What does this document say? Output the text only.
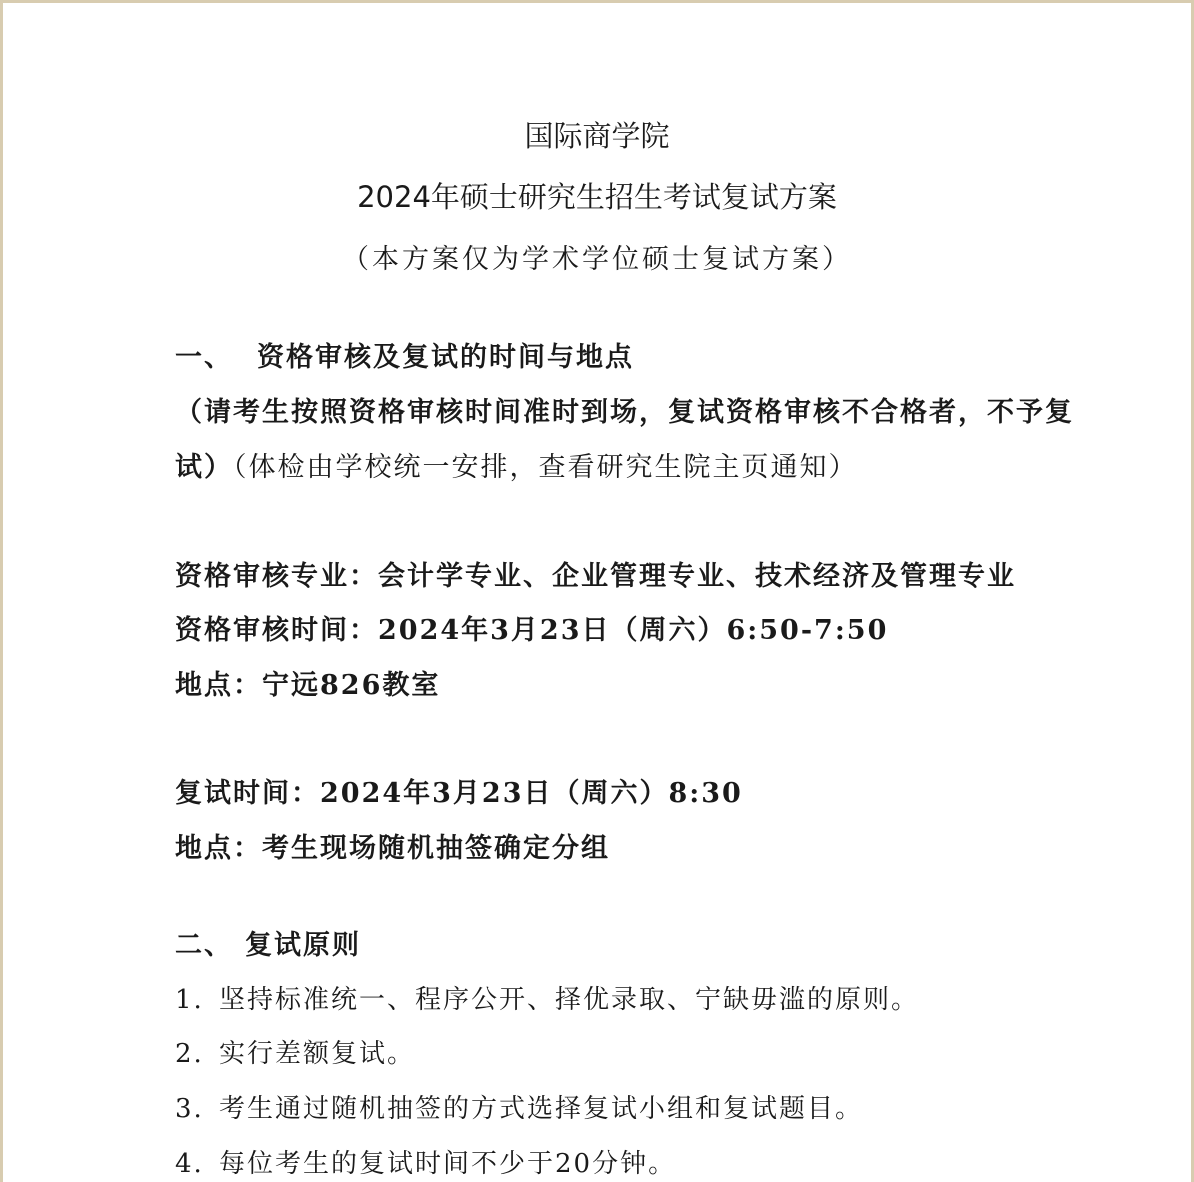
国际商学院
2024年硕士研究生招生考试复试方案
（本方案仅为学术学位硕士复试方案）
一、 资格审核及复试的时间与地点
（请考生按照资格审核时间准时到场，复试资格审核不合格者，不予复
试）（体检由学校统一安排，查看研究生院主页通知）
资格审核专业：会计学专业、企业管理专业、技术经济及管理专业
资格审核时间：2024年3月23日（周六）6:50-7:50
地点：宁远826教室
复试时间：2024年3月23日（周六）8:30
地点：考生现场随机抽签确定分组
二、 复试原则
1. 坚持标准统一、程序公开、择优录取、宁缺毋滥的原则。
2. 实行差额复试。
3. 考生通过随机抽签的方式选择复试小组和复试题目。
4. 每位考生的复试时间不少于20分钟。
